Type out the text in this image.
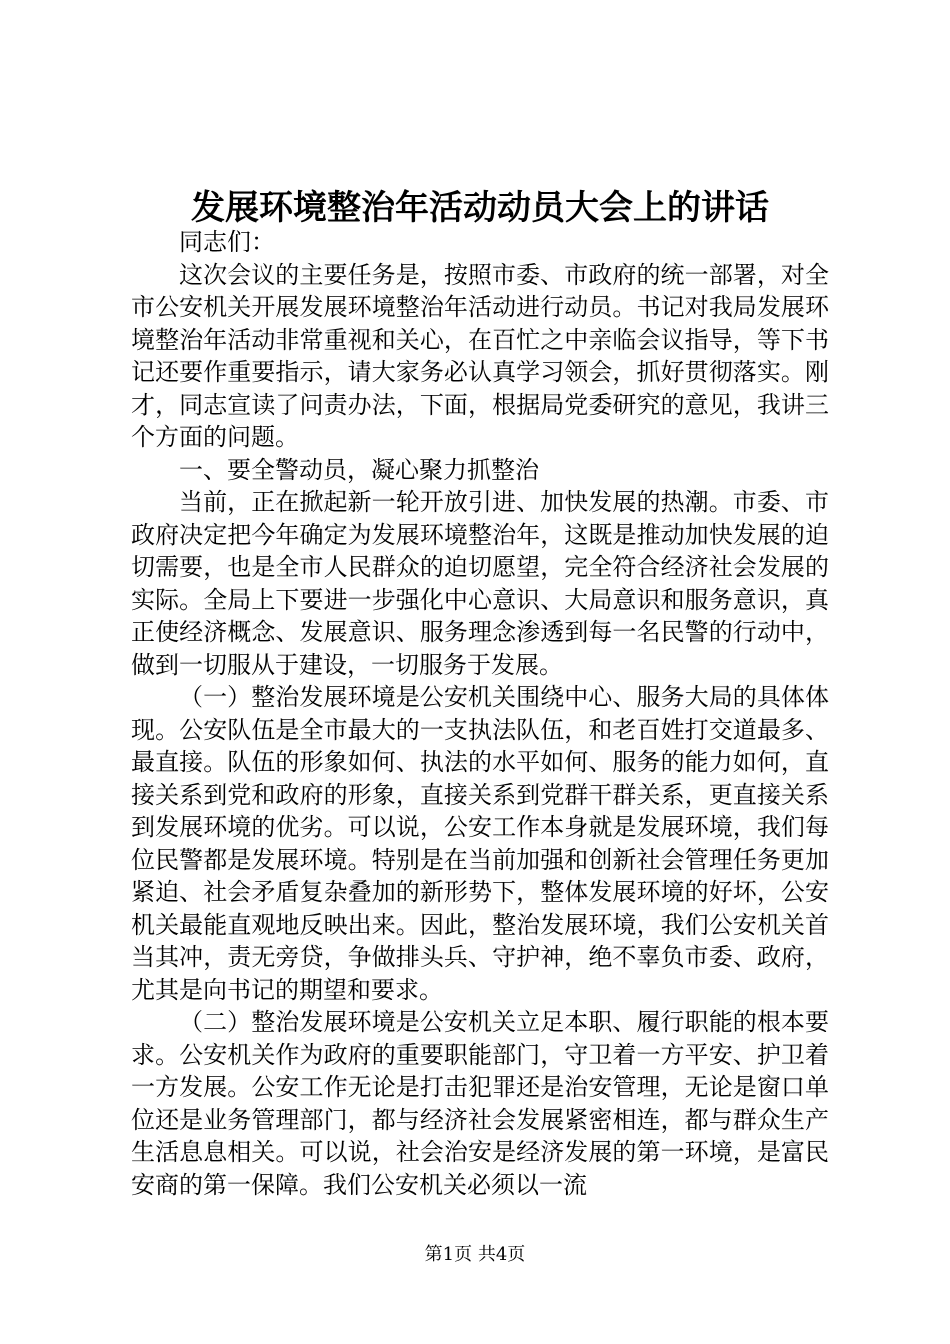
发展环境整治年活动动员大会上的讲话

同志们：

这次会议的主要任务是，按照市委、市政府的统一部署，对全市公安机关开展发展环境整治年活动进行动员。书记对我局发展环境整治年活动非常重视和关心，在百忙之中亲临会议指导，等下书记还要作重要指示，请大家务必认真学习领会，抓好贯彻落实。刚才，同志宣读了问责办法，下面，根据局党委研究的意见，我讲三个方面的问题。

一、要全警动员，凝心聚力抓整治

当前，正在掀起新一轮开放引进、加快发展的热潮。市委、市政府决定把今年确定为发展环境整治年，这既是推动加快发展的迫切需要，也是全市人民群众的迫切愿望，完全符合经济社会发展的实际。全局上下要进一步强化中心意识、大局意识和服务意识，真正使经济概念、发展意识、服务理念渗透到每一名民警的行动中，做到一切服从于建设，一切服务于发展。

（一）整治发展环境是公安机关围绕中心、服务大局的具体体现。公安队伍是全市最大的一支执法队伍，和老百姓打交道最多、最直接。队伍的形象如何、执法的水平如何、服务的能力如何，直接关系到党和政府的形象，直接关系到党群干群关系，更直接关系到发展环境的优劣。可以说，公安工作本身就是发展环境，我们每位民警都是发展环境。特别是在当前加强和创新社会管理任务更加紧迫、社会矛盾复杂叠加的新形势下，整体发展环境的好坏，公安机关最能直观地反映出来。因此，整治发展环境，我们公安机关首当其冲，责无旁贷，争做排头兵、守护神，绝不辜负市委、政府，尤其是向书记的期望和要求。

（二）整治发展环境是公安机关立足本职、履行职能的根本要求。公安机关作为政府的重要职能部门，守卫着一方平安、护卫着一方发展。公安工作无论是打击犯罪还是治安管理，无论是窗口单位还是业务管理部门，都与经济社会发展紧密相连，都与群众生产生活息息相关。可以说，社会治安是经济发展的第一环境，是富民安商的第一保障。我们公安机关必须以一流

第1页 共4页
